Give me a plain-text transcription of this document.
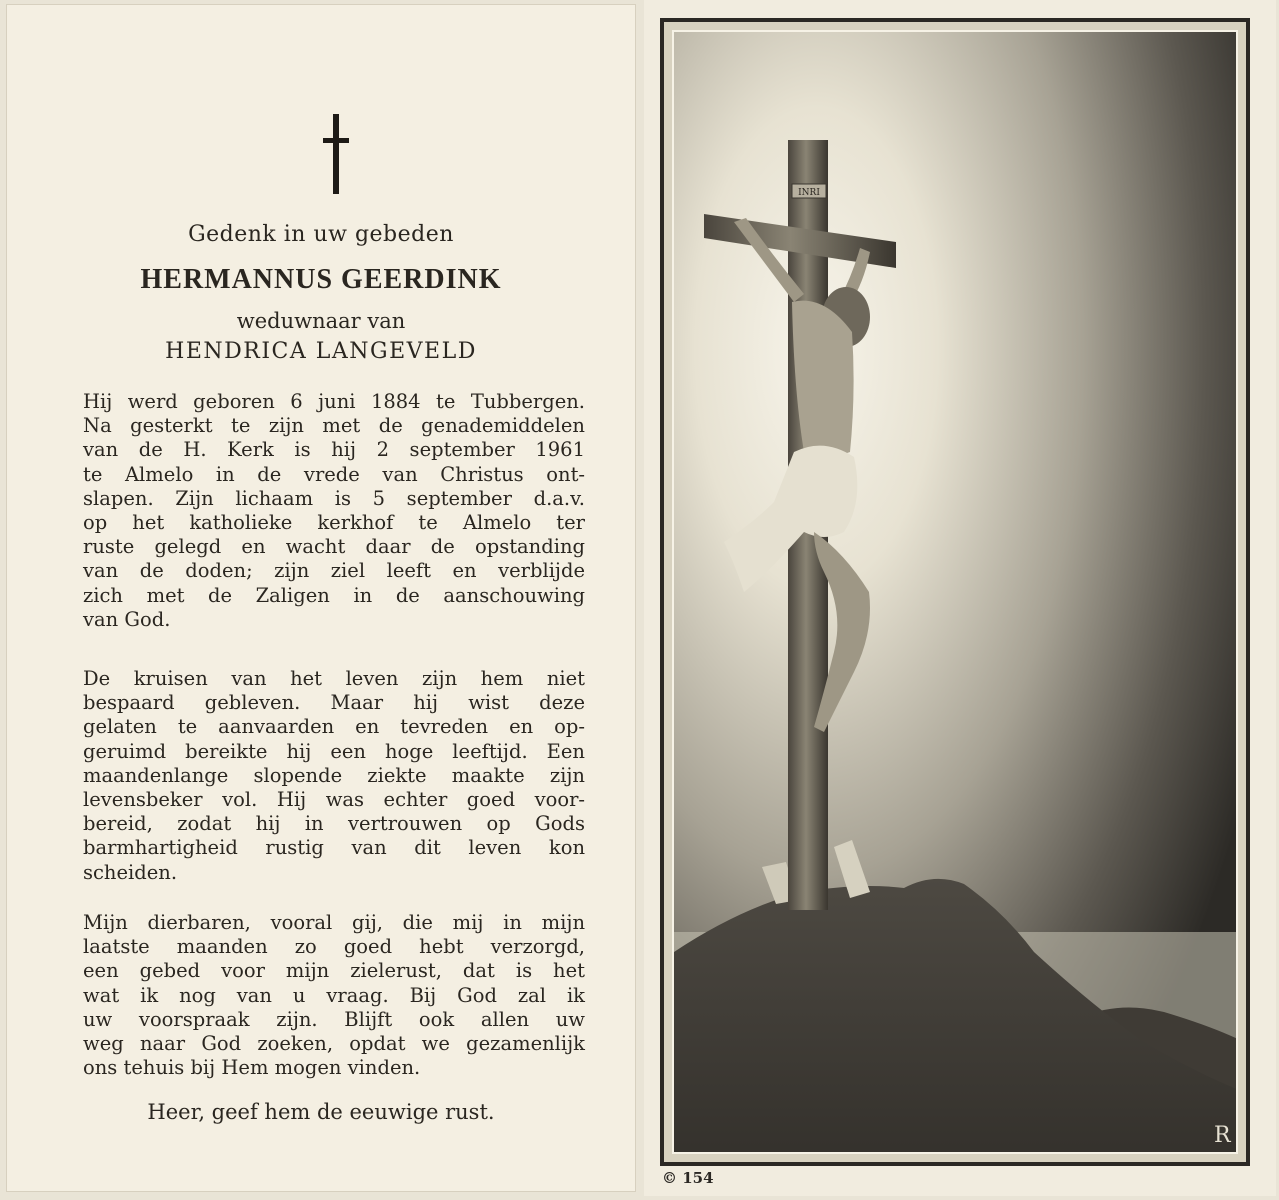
Gedenk in uw gebeden

HERMANNUS GEERDINK

weduwnaar van

HENDRICA LANGEVELD

Hij werd geboren 6 juni 1884 te Tubbergen.
Na gesterkt te zijn met de genademiddelen
van de H. Kerk is hij 2 september 1961
te Almelo in de vrede van Christus ont-
slapen. Zijn lichaam is 5 september d.a.v.
op het katholieke kerkhof te Almelo ter
ruste gelegd en wacht daar de opstanding
van de doden; zijn ziel leeft en verblijde
zich met de Zaligen in de aanschouwing
van God.
De kruisen van het leven zijn hem niet
bespaard gebleven. Maar hij wist deze
gelaten te aanvaarden en tevreden en op-
geruimd bereikte hij een hoge leeftijd. Een
maandenlange slopende ziekte maakte zijn
levensbeker vol. Hij was echter goed voor-
bereid, zodat hij in vertrouwen op Gods
barmhartigheid rustig van dit leven kon
scheiden.
Mijn dierbaren, vooral gij, die mij in mijn
laatste maanden zo goed hebt verzorgd,
een gebed voor mijn zielerust, dat is het
wat ik nog van u vraag. Bij God zal ik
uw voorspraak zijn. Blijft ook allen uw
weg naar God zoeken, opdat we gezamenlijk
ons tehuis bij Hem mogen vinden.

Heer, geef hem de eeuwige rust.

INRI
R
© 154
